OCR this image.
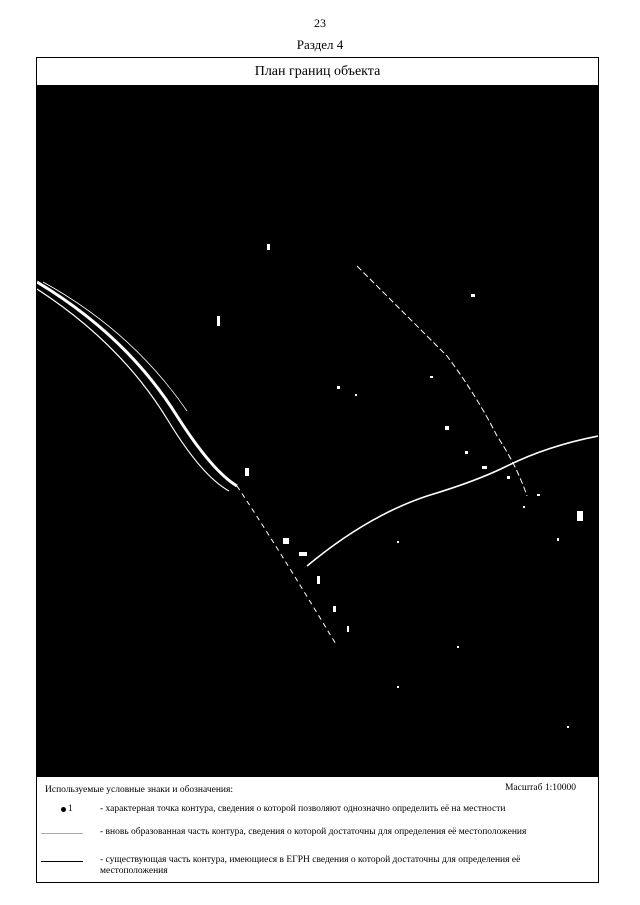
23
Раздел 4
План границ объекта
Используемые условные знаки и обозначения:	Масштаб 1:10000
1	- характерная точка контура, сведения о которой позволяют однозначно определить её на местности
- вновь образованная часть контура, сведения о которой достаточны для определения её местоположения
- существующая часть контура, имеющиеся в ЕГРН сведения о которой достаточны для определения её местоположения
